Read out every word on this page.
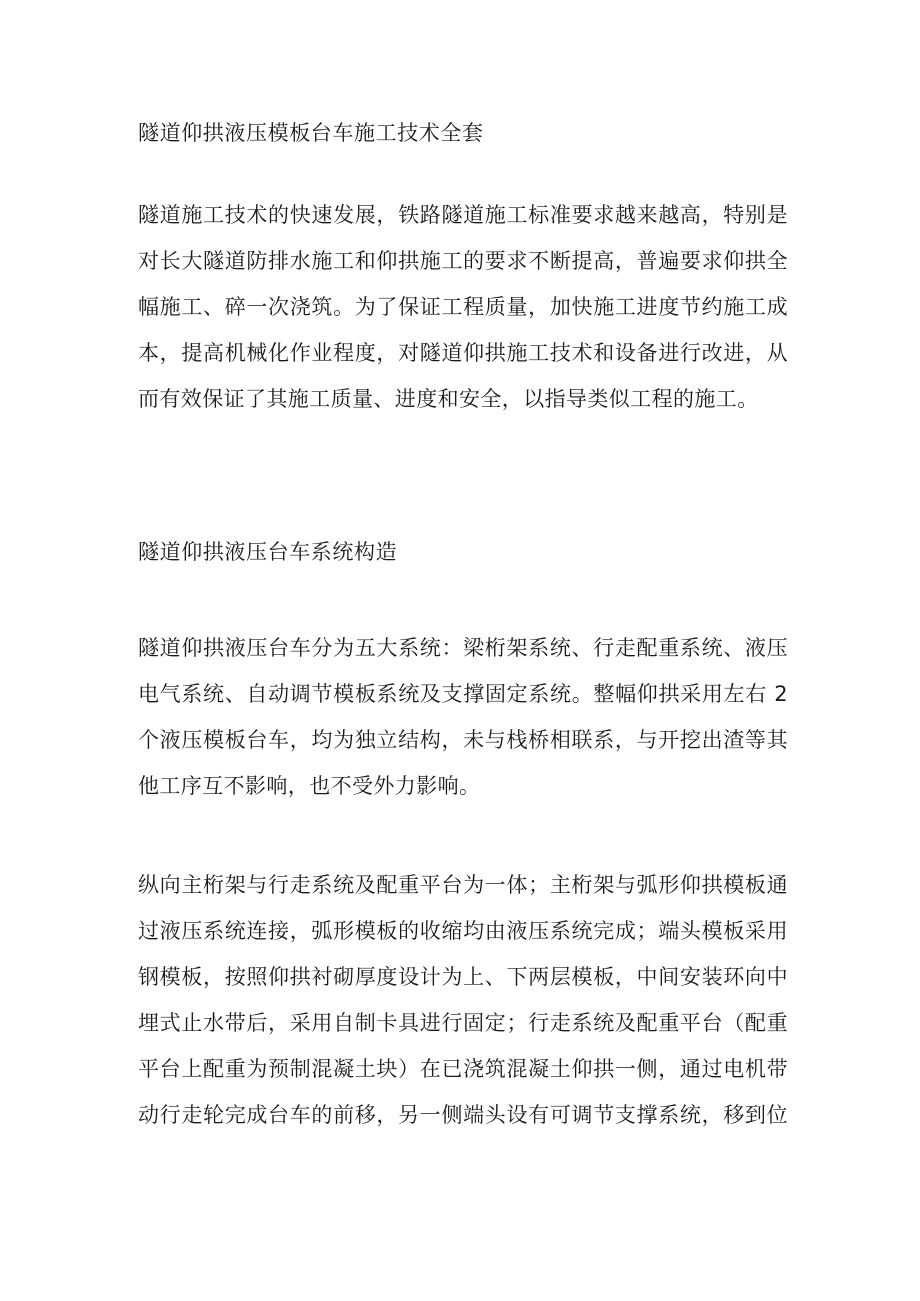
隧道仰拱液压模板台车施工技术全套

隧道施工技术的快速发展，铁路隧道施工标准要求越来越高，特别是
对长大隧道防排水施工和仰拱施工的要求不断提高，普遍要求仰拱全
幅施工、碎一次浇筑。为了保证工程质量，加快施工进度节约施工成
本，提高机械化作业程度，对隧道仰拱施工技术和设备进行改进，从
而有效保证了其施工质量、进度和安全，以指导类似工程的施工。

隧道仰拱液压台车系统构造

隧道仰拱液压台车分为五大系统：梁桁架系统、行走配重系统、液压
电气系统、自动调节模板系统及支撑固定系统。整幅仰拱采用左右 2
个液压模板台车，均为独立结构，未与栈桥相联系，与开挖出渣等其
他工序互不影响，也不受外力影响。

纵向主桁架与行走系统及配重平台为一体；主桁架与弧形仰拱模板通
过液压系统连接，弧形模板的收缩均由液压系统完成；端头模板采用
钢模板，按照仰拱衬砌厚度设计为上、下两层模板，中间安装环向中
埋式止水带后，采用自制卡具进行固定；行走系统及配重平台（配重
平台上配重为预制混凝土块）在已浇筑混凝土仰拱一侧，通过电机带
动行走轮完成台车的前移，另一侧端头设有可调节支撑系统，移到位
